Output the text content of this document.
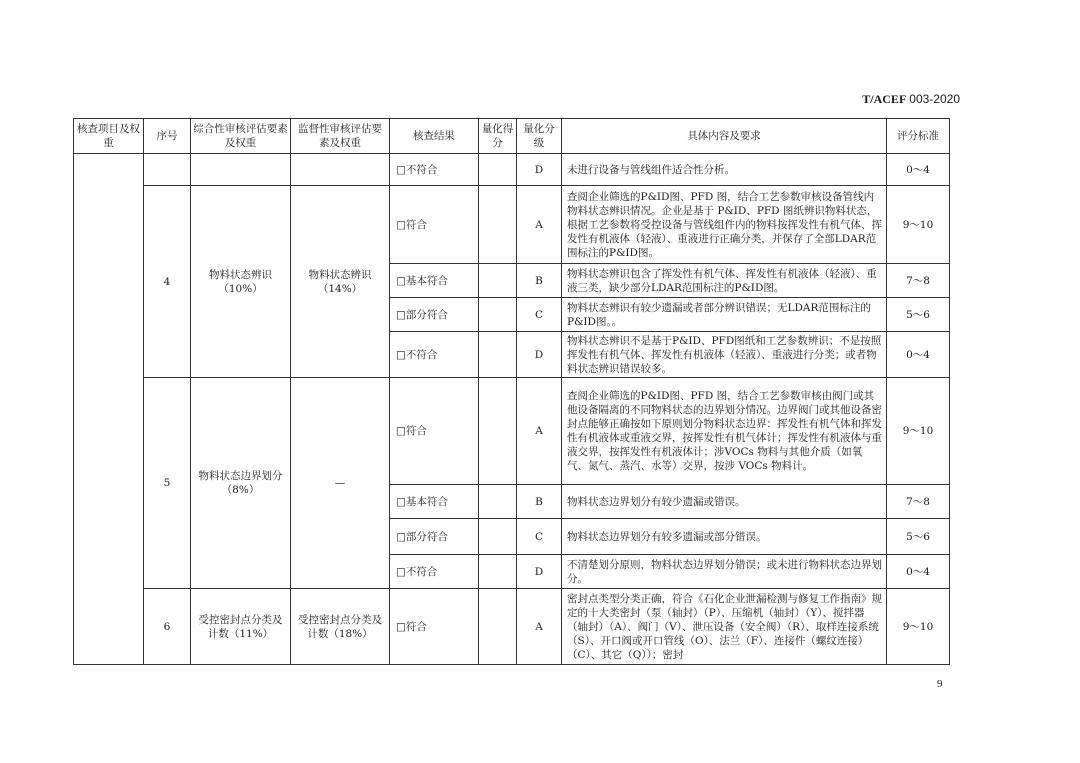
T/ACEF 003-2020
核查项目及权重	序号	综合性审核评估要素及权重	监督性审核评估要素及权重	核查结果	量化得分	量化分级	具体内容及要求	评分标准
				□不符合		D	未进行设备与管线组件适合性分析。	0～4
	4	物料状态辨识（10%）	物料状态辨识（14%）	□符合		A	查阅企业筛选的P&ID图、PFD 图，结合工艺参数审核设备管线内物料状态辨识情况。企业是基于 P&ID、PFD 图纸辨识物料状态，根据工艺参数将受控设备与管线组件内的物料按挥发性有机气体、挥发性有机液体（轻液）、重液进行正确分类，并保存了全部LDAR范围标注的P&ID图。	9～10
				□基本符合		B	物料状态辨识包含了挥发性有机气体、挥发性有机液体（轻液）、重液三类，缺少部分LDAR范围标注的P&ID图。	7～8
				□部分符合		C	物料状态辨识有较少遗漏或者部分辨识错误；无LDAR范围标注的P&ID图。。	5～6
				□不符合		D	物料状态辨识不是基于P&ID、PFD图纸和工艺参数辨识；不是按照挥发性有机气体、挥发性有机液体（轻液）、重液进行分类；或者物料状态辨识错误较多。	0～4
	5	物料状态边界划分（8%）	—	□符合		A	查阅企业筛选的P&ID图、PFD 图，结合工艺参数审核由阀门或其他设备隔离的不同物料状态的边界划分情况。边界阀门或其他设备密封点能够正确按如下原则划分物料状态边界：挥发性有机气体和挥发性有机液体或重液交界，按挥发性有机气体计；挥发性有机液体与重液交界，按挥发性有机液体计；涉VOCs 物料与其他介质（如氧气、氮气、蒸汽、水等）交界，按涉 VOCs 物料计。	9～10
				□基本符合		B	物料状态边界划分有较少遗漏或错误。	7～8
				□部分符合		C	物料状态边界划分有较多遗漏或部分错误。	5～6
				□不符合		D	不清楚划分原则，物料状态边界划分错误；或未进行物料状态边界划分。	0～4
	6	受控密封点分类及计数（11%）	受控密封点分类及计数（18%）	□符合		A	密封点类型分类正确，符合《石化企业泄漏检测与修复工作指南》规定的十大类密封（泵（轴封）（P）、压缩机（轴封）（Y）、搅拌器（轴封）（A）、阀门（V）、泄压设备（安全阀）（R）、取样连接系统（S）、开口阀或开口管线（O）、法兰（F）、连接件（螺纹连接）（C）、其它（Q））；密封	9～10
9
